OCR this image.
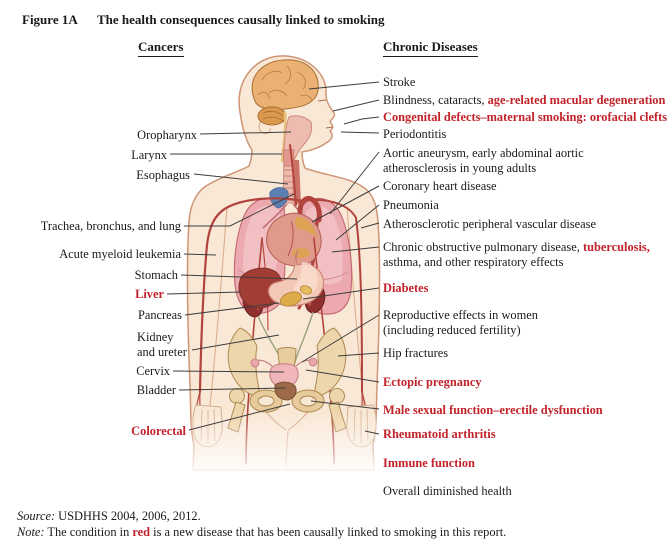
Figure 1A The health consequences causally linked to smoking
Cancers	Chronic Diseases
Oropharynx
Larynx
Esophagus
Trachea, bronchus, and lung
Acute myeloid leukemia
Stomach
Liver
Pancreas
Kidney
and ureter
Cervix
Bladder
Colorectal
Stroke
Blindness, cataracts, age-related macular degeneration
Congenital defects–maternal smoking: orofacial clefts
Periodontitis
Aortic aneurysm, early abdominal aortic
atherosclerosis in young adults
Coronary heart disease
Pneumonia
Atherosclerotic peripheral vascular disease
Chronic obstructive pulmonary disease, tuberculosis,
asthma, and other respiratory effects
Diabetes
Reproductive effects in women
(including reduced fertility)
Hip fractures
Ectopic pregnancy
Male sexual function–erectile dysfunction
Rheumatoid arthritis
Immune function
Overall diminished health
Source: USDHHS 2004, 2006, 2012.
Note: The condition in red is a new disease that has been causally linked to smoking in this report.
